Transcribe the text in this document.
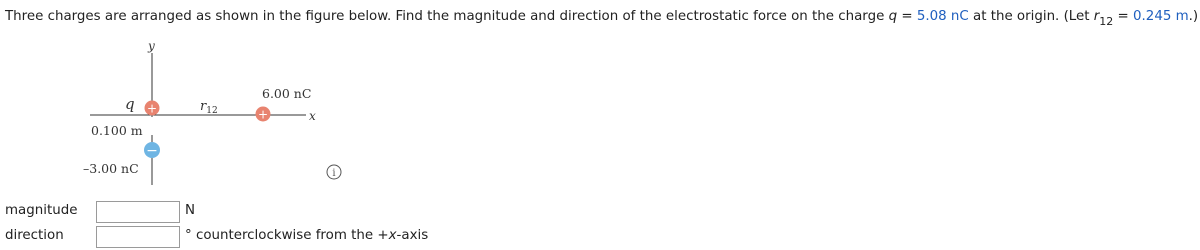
Three charges are arranged as shown in the figure below. Find the magnitude and direction of the electrostatic force on the charge q = 5.08 nC at the origin. (Let $r_{12} = 0.245$ m.)
y
x
q	$r_{12}$
6.00 nC
0.100 m
–3.00 nC
+	+
−
i
magnitude	N
direction	° counterclockwise from the +x-axis
